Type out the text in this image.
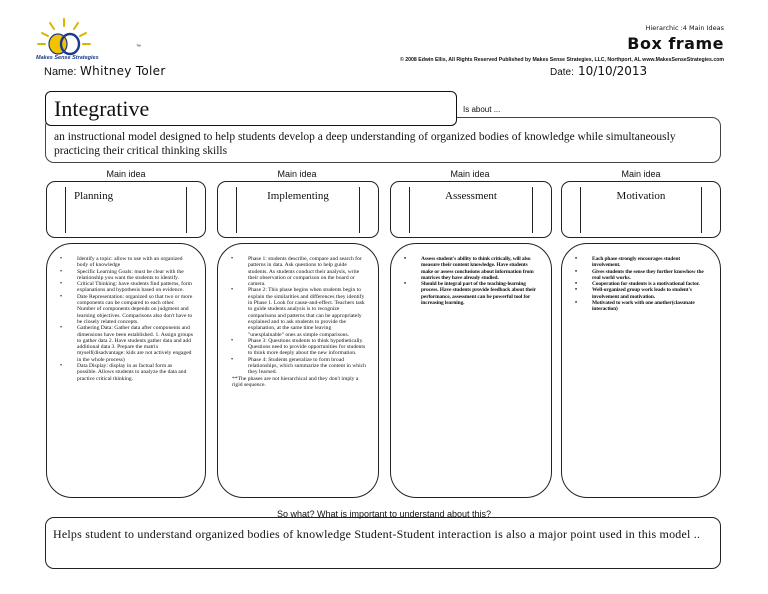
Makes Sense Strategies
™
Hierarchic :4 Main Ideas
Box frame
© 2008 Edwin Ellis, All Rights Reserved Published by Makes Sense Strategies, LLC, Northport, AL www.MakesSenseStrategies.com
Name: Whitney Toler	Date: 10/10/2013
Integrative	Is about ...
an instructional model designed to help students develop a deep understanding of organized bodies of knowledge while simultaneously practicing their critical thinking skills
Main idea
Planning
• Identify a topic: allow to use with an organized body of knowledge
• Specific Learning Goals: must be clear with the relationship you want the students to identify.
• Critical Thinking: have students find patterns, form explanations and hypothesis based on evidence.
• Date Representation: organized so that two or more components can be compared to each other. Number of components depends on judgment and learning objectives. Comparisons also don't have to be closely related concepts.
• Gathering Data: Gather data after components and dimensions have been established. 1. Assign groups to gather data 2. Have students gather data and add additional data 3. Prepare the matrix myself(disadvantage: kids are not actively engaged in the whole process)
• Data Display: display in as factual form as possible. Allows students to analyze the data and practice critical thinking.
Main idea
Implementing
• Phase 1: students describe, compare and search for patterns in data. Ask questions to help guide students. As students conduct their analysis, write their observation or comparison on the board or camera.
• Phase 2: This phase begins when students begin to explain the similarities and differences they identify in Phase 1. Look for cause-and-effect. Teachers task to guide students analysis is to recognize comparisons and patterns that can be appropriately explained and to ask students to provide the explanation, at the same time leaving "unexplainable" ones as simple comparisons.
• Phase 3: Questions students to think hypothetically. Questions need to provide opportunities for students to think more deeply about the new information.
• Phase 4: Students generalize to form broad relationships, which summarize the content in which they learned.
**The phases are not hierarchical and they don't imply a rigid sequence.
Main idea
Assessment
• Assess student's ability to think critically, will also measure their content knowledge. Have students make or assess conclusions about information from matrices they have already studied.
• Should be integral part of the teaching-learning process. Have students provide feedback about their performance, assessment can be powerful tool for increasing learning.
Main idea
Motivation
• Each phase strongly encourages student involvement.
• Gives students the sense they further knowhow the real world works.
• Cooperation for students is a motivational factor.
• Well-organized group work leads to student's involvement and motivation.
• Motivated to work with one another(classmate interaction)
So what? What is important to understand about this?
Helps student to understand organized bodies of knowledge Student-Student interaction is also a major point used in this model ..
